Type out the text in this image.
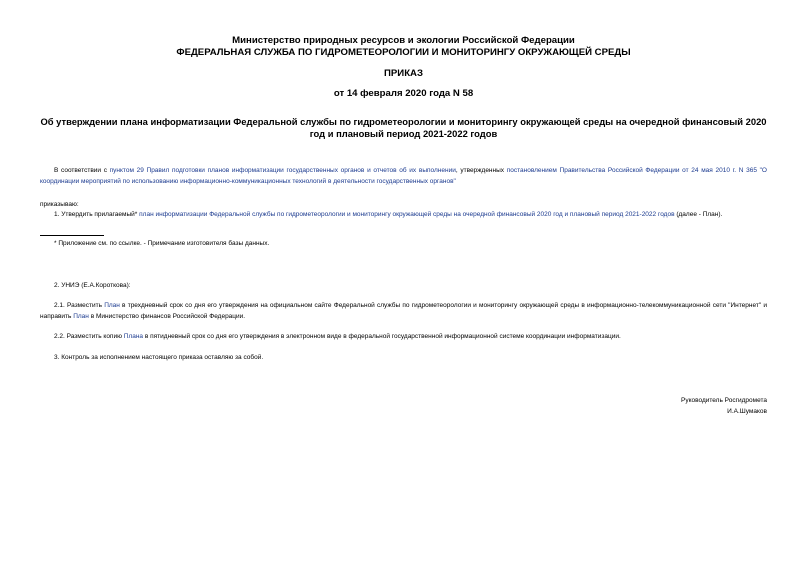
Министерство природных ресурсов и экологии Российской Федерации
ФЕДЕРАЛЬНАЯ СЛУЖБА ПО ГИДРОМЕТЕОРОЛОГИИ И МОНИТОРИНГУ ОКРУЖАЮЩЕЙ СРЕДЫ
ПРИКАЗ
от 14 февраля 2020 года N 58
Об утверждении плана информатизации Федеральной службы по гидрометеорологии и мониторингу окружающей среды на очередной финансовый 2020 год и плановый период 2021-2022 годов
В соответствии с пунктом 29 Правил подготовки планов информатизации государственных органов и отчетов об их выполнении, утвержденных постановлением Правительства Российской Федерации от 24 мая 2010 г. N 365 "О координации мероприятий по использованию информационно-коммуникационных технологий в деятельности государственных органов"
приказываю:
1. Утвердить прилагаемый* план информатизации Федеральной службы по гидрометеорологии и мониторингу окружающей среды на очередной финансовый 2020 год и плановый период 2021-2022 годов (далее - План).
* Приложение см. по ссылке. - Примечание изготовителя базы данных.
2. УНИЭ (Е.А.Короткова):
2.1. Разместить План в трехдневный срок со дня его утверждения на официальном сайте Федеральной службы по гидрометеорологии и мониторингу окружающей среды в информационно-телекоммуникационной сети "Интернет" и направить План в Министерство финансов Российской Федерации.
2.2. Разместить копию Плана в пятидневный срок со дня его утверждения в электронном виде в федеральной государственной информационной системе координации информатизации.
3. Контроль за исполнением настоящего приказа оставляю за собой.
Руководитель Росгидромета
И.А.Шумаков
